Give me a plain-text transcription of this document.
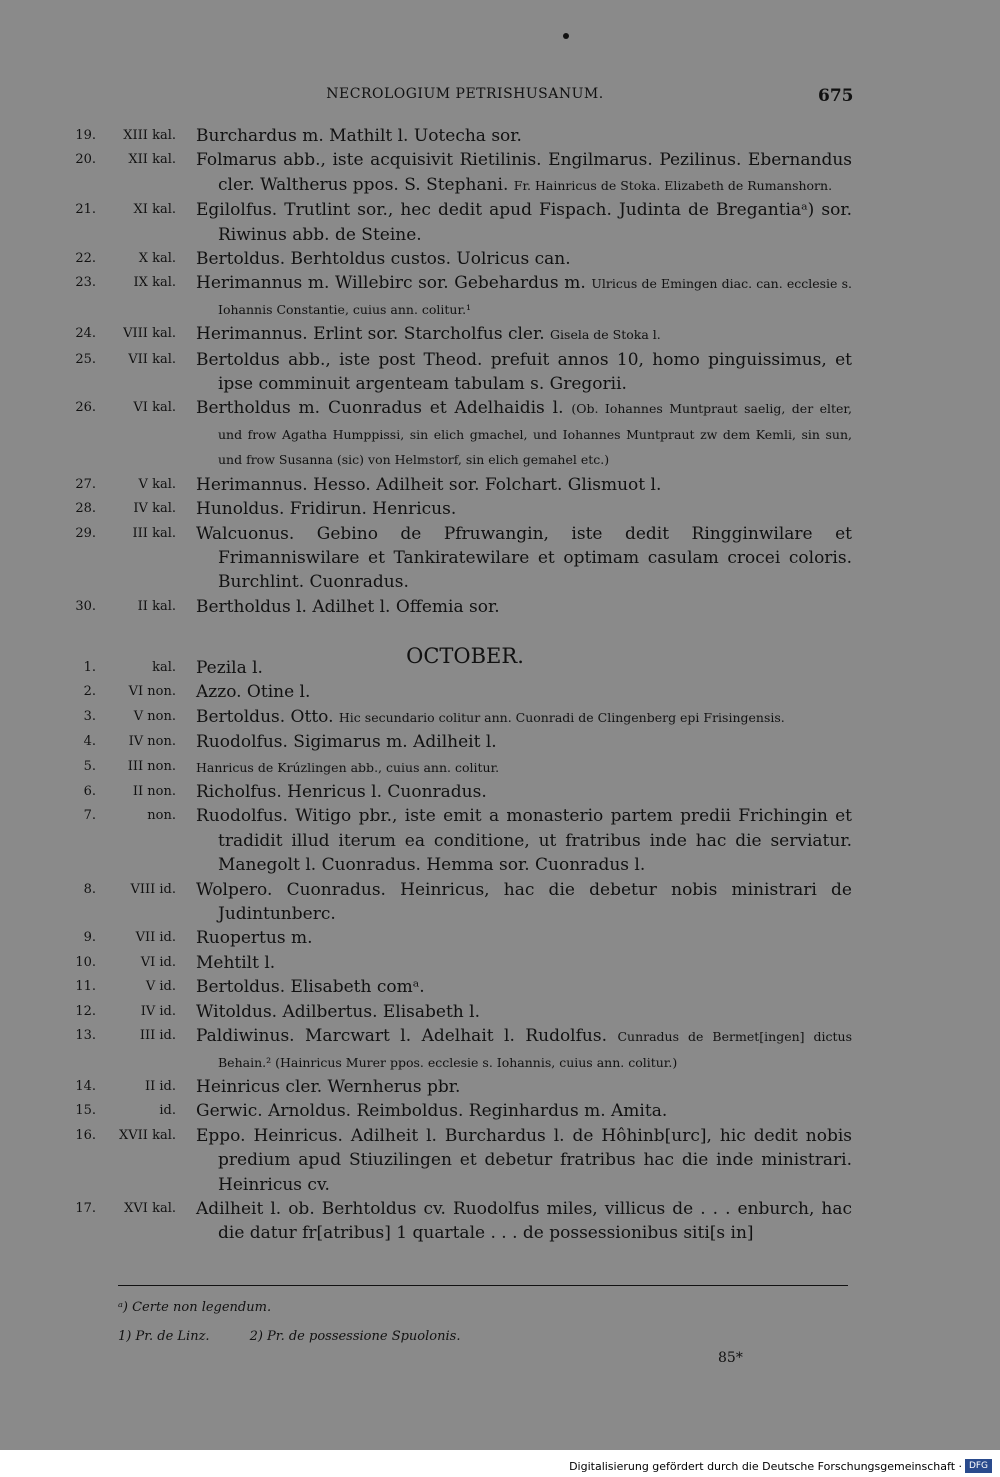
NECROLOGIUM PETRISHUSANUM.	675
19.	XIII kal. Burchardus m. Mathilt l. Uotecha sor.
20.	XII kal. Folmarus abb., iste acquisivit Rietilinis. Engilmarus. Pezilinus. Ebernandus cler. Waltherus ppos. S. Stephani. Fr. Hainricus de Stoka. Elizabeth de Rumanshorn.
21.	XI kal. Egilolfus. Trutlint sor., hec dedit apud Fispach. Judinta de Bregantiaᵃ) sor. Riwinus abb. de Steine.
22.	X kal. Bertoldus. Berhtoldus custos. Uolricus can.
23.	IX kal. Herimannus m. Willebirc sor. Gebehardus m. Ulricus de Emingen diac. can. ecclesie s. Iohannis Constantie, cuius ann. colitur.¹
24.	VIII kal. Herimannus. Erlint sor. Starcholfus cler. Gisela de Stoka l.
25.	VII kal. Bertoldus abb., iste post Theod. prefuit annos 10, homo pinguissimus, et ipse comminuit argenteam tabulam s. Gregorii.
26.	VI kal. Bertholdus m. Cuonradus et Adelhaidis l. (Ob. Iohannes Muntpraut saelig, der elter, und frow Agatha Humppissi, sin elich gmachel, und Iohannes Muntpraut zw dem Kemli, sin sun, und frow Susanna (sic) von Helmstorf, sin elich gemahel etc.)
27.	V kal. Herimannus. Hesso. Adilheit sor. Folchart. Glismuot l.
28.	IV kal. Hunoldus. Fridirun. Henricus.
29.	III kal. Walcuonus. Gebino de Pfruwangin, iste dedit Ringginwilare et Frimanniswilare et Tankiratewilare et optimam casulam crocei coloris. Burchlint. Cuonradus.
30.	II kal. Bertholdus l. Adilhet l. Offemia sor.
OCTOBER.
1.	kal. Pezila l.
2.	VI non. Azzo. Otine l.
3.	V non. Bertoldus. Otto. Hic secundario colitur ann. Cuonradi de Clingenberg epi Frisingensis.
4.	IV non. Ruodolfus. Sigimarus m. Adilheit l.
5.	III non. Hanricus de Krúzlingen abb., cuius ann. colitur.
6.	II non. Richolfus. Henricus l. Cuonradus.
7.	non. Ruodolfus. Witigo pbr., iste emit a monasterio partem predii Frichingin et tradidit illud iterum ea conditione, ut fratribus inde hac die serviatur. Manegolt l. Cuonradus. Hemma sor. Cuonradus l.
8.	VIII id. Wolpero. Cuonradus. Heinricus, hac die debetur nobis ministrari de Judintunberc.
9.	VII id. Ruopertus m.
10.	VI id. Mehtilt l.
11.	V id. Bertoldus. Elisabeth comᵃ.
12.	IV id. Witoldus. Adilbertus. Elisabeth l.
13.	III id. Paldiwinus. Marcwart l. Adelhait l. Rudolfus. Cunradus de Bermet[ingen] dictus Behain.² (Hainricus Murer ppos. ecclesie s. Iohannis, cuius ann. colitur.)
14.	II id. Heinricus cler. Wernherus pbr.
15.	id. Gerwic. Arnoldus. Reimboldus. Reginhardus m. Amita.
16.	XVII kal. Eppo. Heinricus. Adilheit l. Burchardus l. de Hôhinb[urc], hic dedit nobis predium apud Stiuzilingen et debetur fratribus hac die inde ministrari. Heinricus cv.
17.	XVI kal. Adilheit l. ob. Berhtoldus cv. Ruodolfus miles, villicus de . . . enburch, hac die datur fr[atribus] 1 quartale . . . de possessionibus siti[s in]
ᵃ) Certe non legendum.
1) Pr. de Linz.	2) Pr. de possessione Spuolonis.
85*
Digitalisierung gefördert durch die Deutsche Forschungsgemeinschaft · DFG
